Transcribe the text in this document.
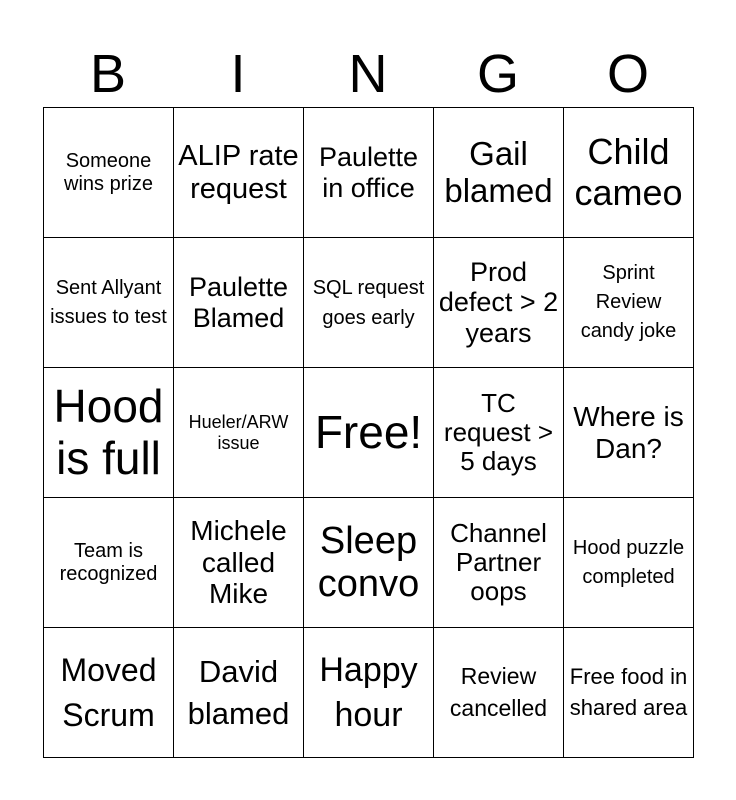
B	I	N	G	O
Someone wins prize	ALIP rate request	Paulette in office	Gail blamed	Child cameo
Sent Allyant issues to test	Paulette Blamed	SQL request goes early	Prod defect > 2 years	Sprint Review candy joke
Hood is full	Hueler/ARW issue	Free!	TC request > 5 days	Where is Dan?
Team is recognized	Michele called Mike	Sleep convo	Channel Partner oops	Hood puzzle completed
Moved Scrum	David blamed	Happy hour	Review cancelled	Free food in shared area
